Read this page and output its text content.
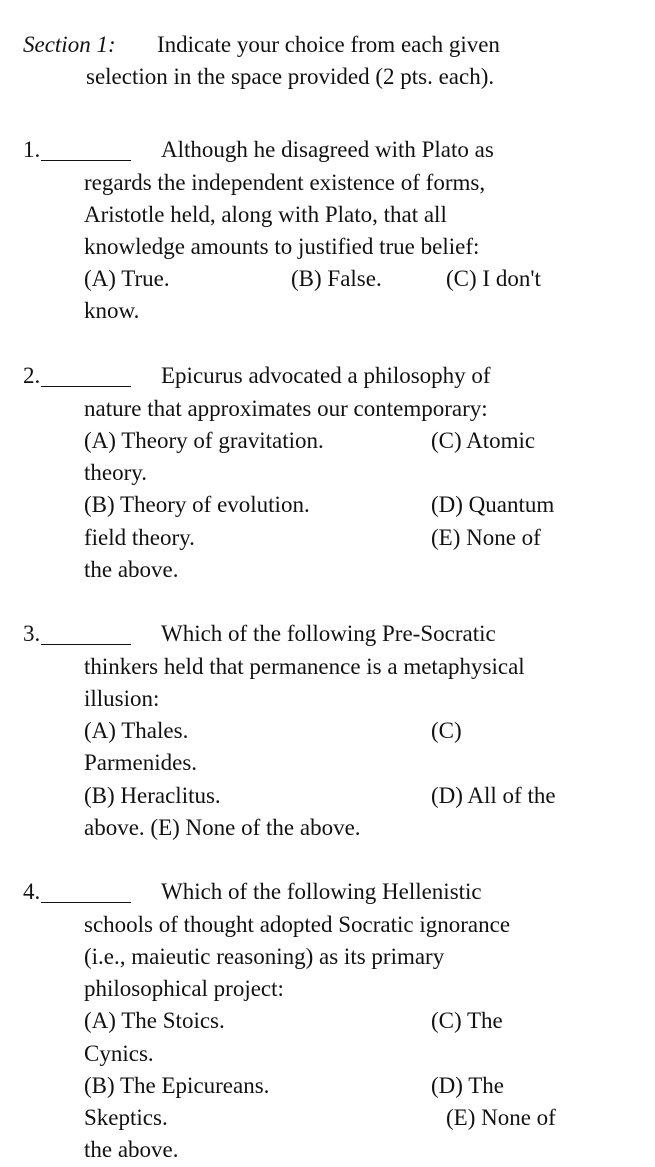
Section 1: Indicate your choice from each given
selection in the space provided (2 pts. each).
1.	Although he disagreed with Plato as
regards the independent existence of forms,
Aristotle held, along with Plato, that all
knowledge amounts to justified true belief:
(A) True.	(B) False.	(C) I don't
know.
2.	Epicurus advocated a philosophy of
nature that approximates our contemporary:
(A) Theory of gravitation.	(C) Atomic
theory.
(B) Theory of evolution.	(D) Quantum
field theory.	(E) None of
the above.
3.	Which of the following Pre-Socratic
thinkers held that permanence is a metaphysical
illusion:
(A) Thales.	(C)
Parmenides.
(B) Heraclitus.	(D) All of the
above. (E) None of the above.
4.	Which of the following Hellenistic
schools of thought adopted Socratic ignorance
(i.e., maieutic reasoning) as its primary
philosophical project:
(A) The Stoics.	(C) The
Cynics.
(B) The Epicureans.	(D) The
Skeptics.	(E) None of
the above.
